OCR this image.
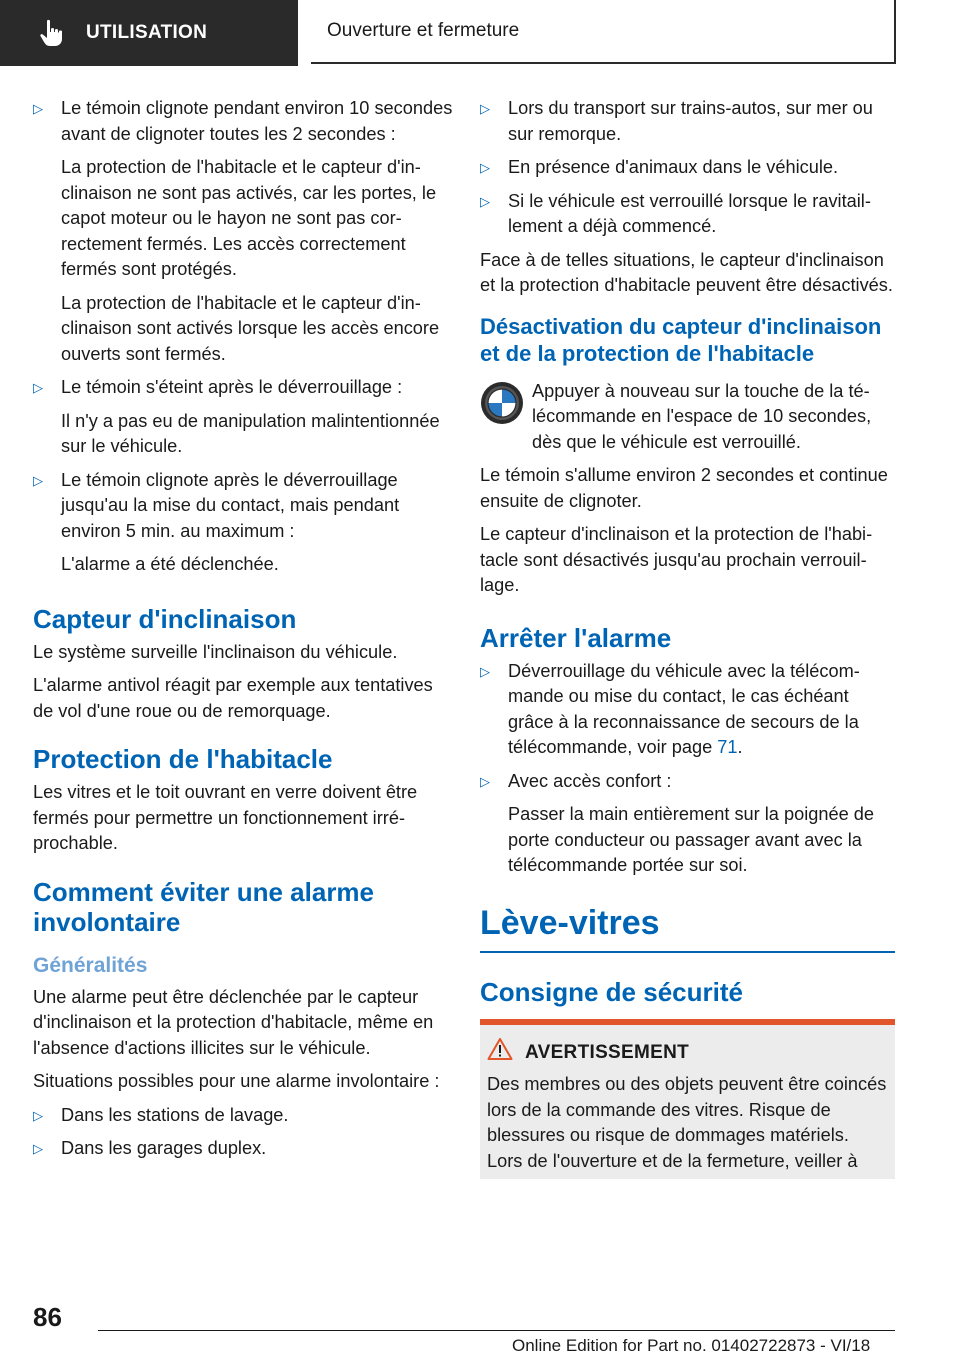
UTILISATION	Ouverture et fermeture
▷ Le témoin clignote pendant environ 10 secondes avant de clignoter toutes les 2 secondes :

La protection de l'habitacle et le capteur d'inclinaison ne sont pas activés, car les portes, le capot moteur ou le hayon ne sont pas correctement fermés. Les accès correctement fermés sont protégés.

La protection de l'habitacle et le capteur d'inclinaison sont activés lorsque les accès encore ouverts sont fermés.

▷ Le témoin s'éteint après le déverrouillage :

Il n'y a pas eu de manipulation malintentionnée sur le véhicule.

▷ Le témoin clignote après le déverrouillage jusqu'au la mise du contact, mais pendant environ 5 min. au maximum :

L'alarme a été déclenchée.

Capteur d'inclinaison

Le système surveille l'inclinaison du véhicule.

L'alarme antivol réagit par exemple aux tentatives de vol d'une roue ou de remorquage.

Protection de l'habitacle

Les vitres et le toit ouvrant en verre doivent être fermés pour permettre un fonctionnement irréprochable.

Comment éviter une alarme involontaire
Généralités

Une alarme peut être déclenchée par le capteur d'inclinaison et la protection d'habitacle, même en l'absence d'actions illicites sur le véhicule.

Situations possibles pour une alarme involontaire :

▷ Dans les stations de lavage.

▷ Dans les garages duplex.

▷ Lors du transport sur trains-autos, sur mer ou sur remorque.

▷ En présence d'animaux dans le véhicule.

▷ Si le véhicule est verrouillé lorsque le ravitaillement a déjà commencé.

Face à de telles situations, le capteur d'inclinaison et la protection d'habitacle peuvent être désactivés.

Désactivation du capteur d'inclinaison et de la protection de l'habitacle

Appuyer à nouveau sur la touche de la télécommande en l'espace de 10 secondes, dès que le véhicule est verrouillé.

Le témoin s'allume environ 2 secondes et continue ensuite de clignoter.

Le capteur d'inclinaison et la protection de l'habitacle sont désactivés jusqu'au prochain verrouillage.

Arrêter l'alarme
▷ Déverrouillage du véhicule avec la télécommande ou mise du contact, le cas échéant grâce à la reconnaissance de secours de la télécommande, voir page 71.

▷ Avec accès confort :

Passer la main entièrement sur la poignée de porte conducteur ou passager avant avec la télécommande portée sur soi.

Lève-vitres
Consigne de sécurité
AVERTISSEMENT

Des membres ou des objets peuvent être coincés lors de la commande des vitres. Risque de blessures ou risque de dommages matériels. Lors de l'ouverture et de la fermeture, veiller à

86
Online Edition for Part no. 01402722873 - VI/18
